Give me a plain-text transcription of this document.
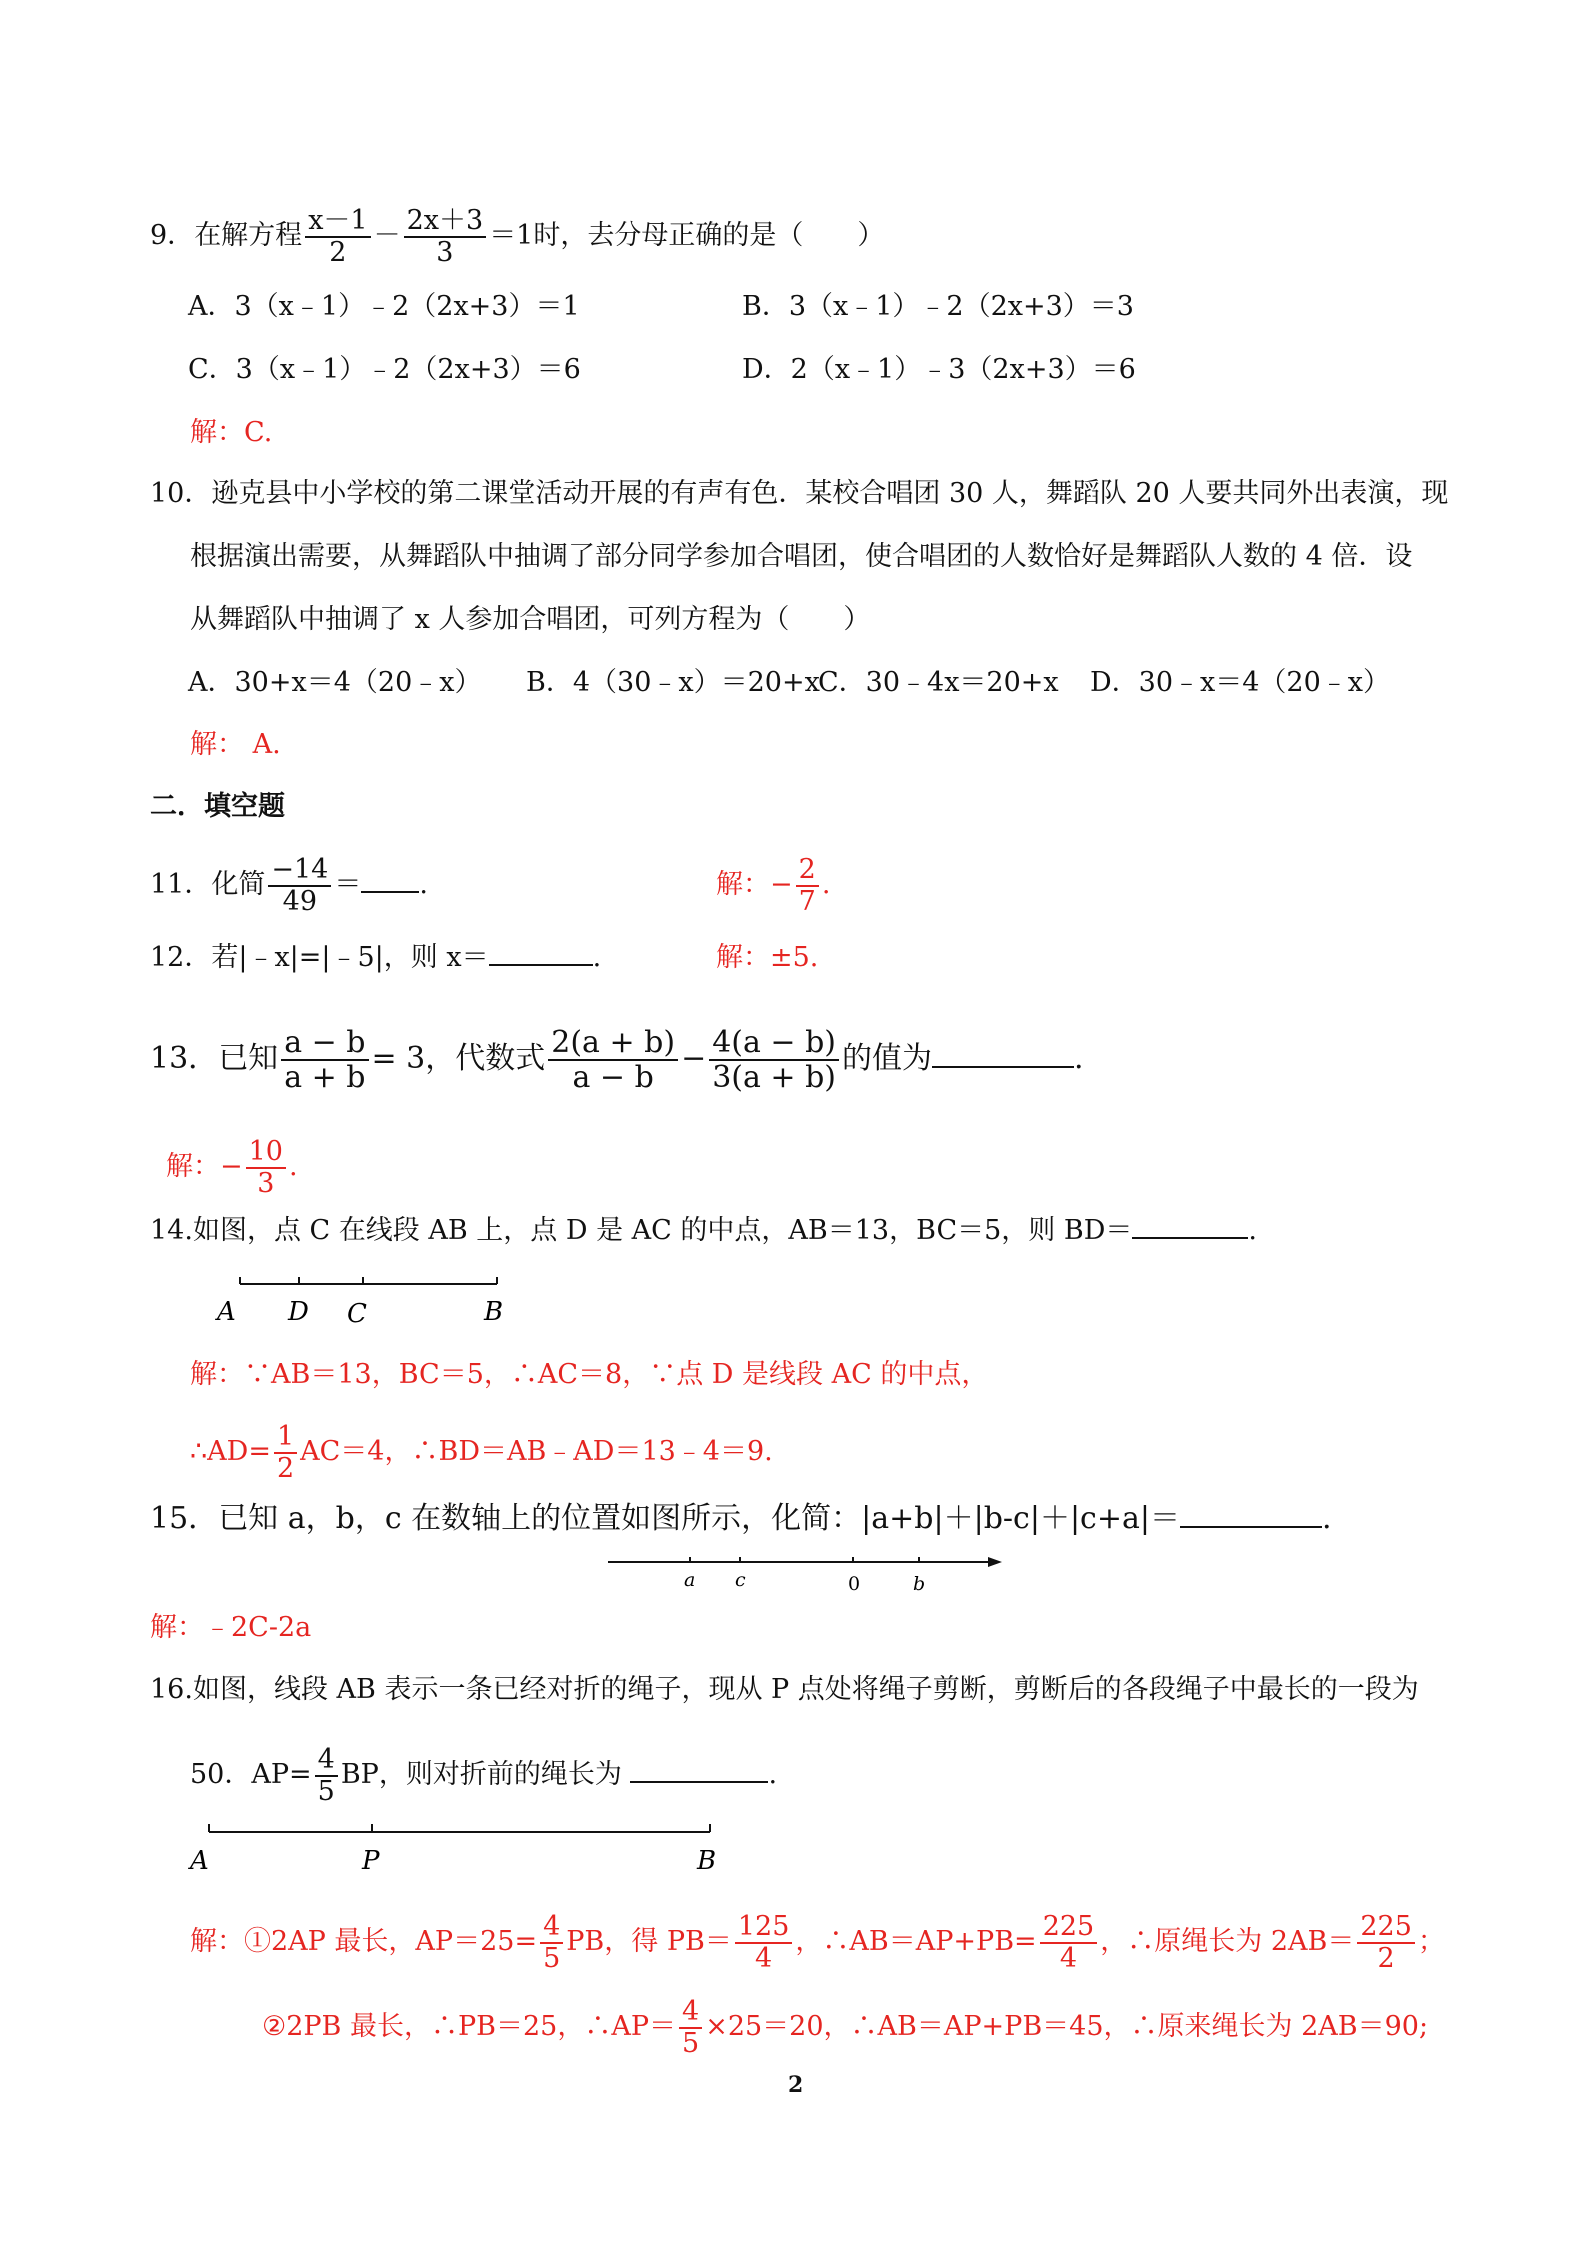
9．在解方程 $\frac{x-1}{2} - \frac{2x+3}{3} =1$时，去分母正确的是（　　）
A．3（x﹣1）﹣2（2x+3）＝1	B．3（x﹣1）﹣2（2x+3）＝3
C．3（x﹣1）﹣2（2x+3）＝6	D．2（x﹣1）﹣3（2x+3）＝6
解：C.
10．逊克县中小学校的第二课堂活动开展的有声有色．某校合唱团 30 人，舞蹈队 20 人要共同外出表演，现
根据演出需要，从舞蹈队中抽调了部分同学参加合唱团，使合唱团的人数恰好是舞蹈队人数的 4 倍．设
从舞蹈队中抽调了 x 人参加合唱团，可列方程为（　　）
A．30+x＝4（20﹣x） B．4（30﹣x）＝20+x
C．30﹣4x＝20+x D．30﹣x＝4（20﹣x）
解： A.
二．填空题
11．化简 $\frac{-14}{49}$ ＝ .	解：− $\frac{2}{7}$ .
12．若|﹣x|=|﹣5|，则 x＝	.	解：±5.
13．已知 $\frac{a - b}{a + b} = 3$，代数式 $\frac{2(a + b)}{a - b} - \frac{4(a - b)}{3(a + b)}$ 的值为	.
解：− $\frac{10}{3}$ .
14.如图，点 C 在线段 AB 上，点 D 是 AC 的中点，AB＝13，BC＝5，则 BD＝	.
A D C	B
解：∵AB＝13，BC＝5，∴AC＝8，∵点 D 是线段 AC 的中点，
∴AD= $\frac{1}{2} AC=4$，∴BD＝AB﹣AD＝13﹣4＝9.
15．已知 a，b，c 在数轴上的位置如图所示，化简：|a+b|＋|b-c|＋|c+a|＝	.
a c	0	b
解：﹣2C-2a
16.如图，线段 AB 表示一条已经对折的绳子，现从 P 点处将绳子剪断，剪断后的各段绳子中最长的一段为
50．$AP= \frac{4}{5}$ BP，则对折前的绳长为	.
A	P	B
解：①2AP 最长，$AP=25= \frac{4}{5}$ PB，得 $PB= \frac{125}{4}$ ，∴AB＝AP+PB= $\frac{225}{4}$ ，∴原绳长为 $2AB= \frac{225}{2}$ ；
②2PB 最长，∴PB＝25，∴AP＝ $\frac{4}{5} \times 25=20$，∴AB＝AP+PB＝45，∴原来绳长为 2AB＝90;
2
